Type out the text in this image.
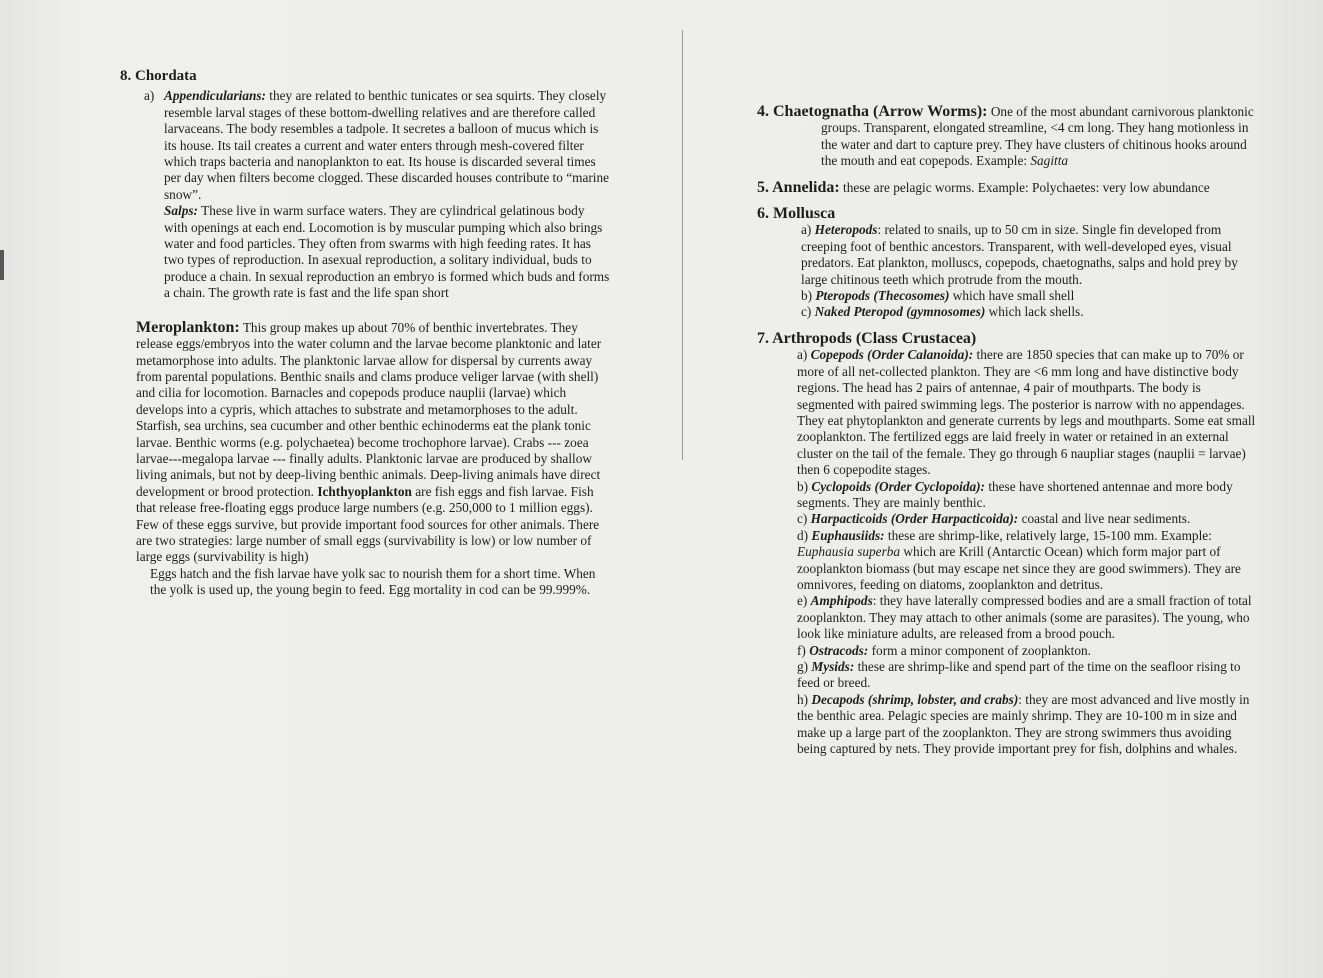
8. Chordata
a) Appendicularians: they are related to benthic tunicates or sea squirts. They closely resemble larval stages of these bottom-dwelling relatives and are therefore called larvaceans. The body resembles a tadpole. It secretes a balloon of mucus which is its house. Its tail creates a current and water enters through mesh-covered filter which traps bacteria and nanoplankton to eat. Its house is discarded several times per day when filters become clogged. These discarded houses contribute to “marine snow”.
Salps: These live in warm surface waters. They are cylindrical gelatinous body with openings at each end. Locomotion is by muscular pumping which also brings water and food particles. They often from swarms with high feeding rates. It has two types of reproduction. In asexual reproduction, a solitary individual, buds to produce a chain. In sexual reproduction an embryo is formed which buds and forms a chain. The growth rate is fast and the life span short
Meroplankton: This group makes up about 70% of benthic invertebrates. They release eggs/embryos into the water column and the larvae become planktonic and later metamorphose into adults. The planktonic larvae allow for dispersal by currents away from parental populations. Benthic snails and clams produce veliger larvae (with shell) and cilia for locomotion. Barnacles and copepods produce nauplii (larvae) which develops into a cypris, which attaches to substrate and metamorphoses to the adult. Starfish, sea urchins, sea cucumber and other benthic echinoderms eat the plank tonic larvae. Benthic worms (e.g. polychaetea) become trochophore larvae). Crabs --- zoea larvae---megalopa larvae --- finally adults. Planktonic larvae are produced by shallow living animals, but not by deep-living benthic animals. Deep-living animals have direct development or brood protection. Ichthyoplankton are fish eggs and fish larvae. Fish that release free-floating eggs produce large numbers (e.g. 250,000 to 1 million eggs). Few of these eggs survive, but provide important food sources for other animals. There are two strategies: large number of small eggs (survivability is low) or low number of large eggs (survivability is high)
Eggs hatch and the fish larvae have yolk sac to nourish them for a short time. When the yolk is used up, the young begin to feed. Egg mortality in cod can be 99.999%.
4. Chaetognatha (Arrow Worms): One of the most abundant carnivorous planktonic groups. Transparent, elongated streamline, <4 cm long. They hang motionless in the water and dart to capture prey. They have clusters of chitinous hooks around the mouth and eat copepods. Example: Sagitta
5. Annelida: these are pelagic worms. Example: Polychaetes: very low abundance
6. Mollusca
a) Heteropods: related to snails, up to 50 cm in size. Single fin developed from creeping foot of benthic ancestors. Transparent, with well-developed eyes, visual predators. Eat plankton, molluscs, copepods, chaetognaths, salps and hold prey by large chitinous teeth which protrude from the mouth.
b) Pteropods (Thecosomes) which have small shell
c) Naked Pteropod (gymnosomes) which lack shells.
7. Arthropods (Class Crustacea)
a) Copepods (Order Calanoida): there are 1850 species that can make up to 70% or more of all net-collected plankton. They are <6 mm long and have distinctive body regions. The head has 2 pairs of antennae, 4 pair of mouthparts. The body is segmented with paired swimming legs. The posterior is narrow with no appendages. They eat phytoplankton and generate currents by legs and mouthparts. Some eat small zooplankton. The fertilized eggs are laid freely in water or retained in an external cluster on the tail of the female. They go through 6 naupliar stages (nauplii = larvae) then 6 copepodite stages.
b) Cyclopoids (Order Cyclopoida): these have shortened antennae and more body segments. They are mainly benthic.
c) Harpacticoids (Order Harpacticoida): coastal and live near sediments.
d) Euphausiids: these are shrimp-like, relatively large, 15-100 mm. Example: Euphausia superba which are Krill (Antarctic Ocean) which form major part of zooplankton biomass (but may escape net since they are good swimmers). They are omnivores, feeding on diatoms, zooplankton and detritus.
e) Amphipods: they have laterally compressed bodies and are a small fraction of total zooplankton. They may attach to other animals (some are parasites). The young, who look like miniature adults, are released from a brood pouch.
f) Ostracods: form a minor component of zooplankton.
g) Mysids: these are shrimp-like and spend part of the time on the seafloor rising to feed or breed.
h) Decapods (shrimp, lobster, and crabs): they are most advanced and live mostly in the benthic area. Pelagic species are mainly shrimp. They are 10-100 m in size and make up a large part of the zooplankton. They are strong swimmers thus avoiding being captured by nets. They provide important prey for fish, dolphins and whales.
